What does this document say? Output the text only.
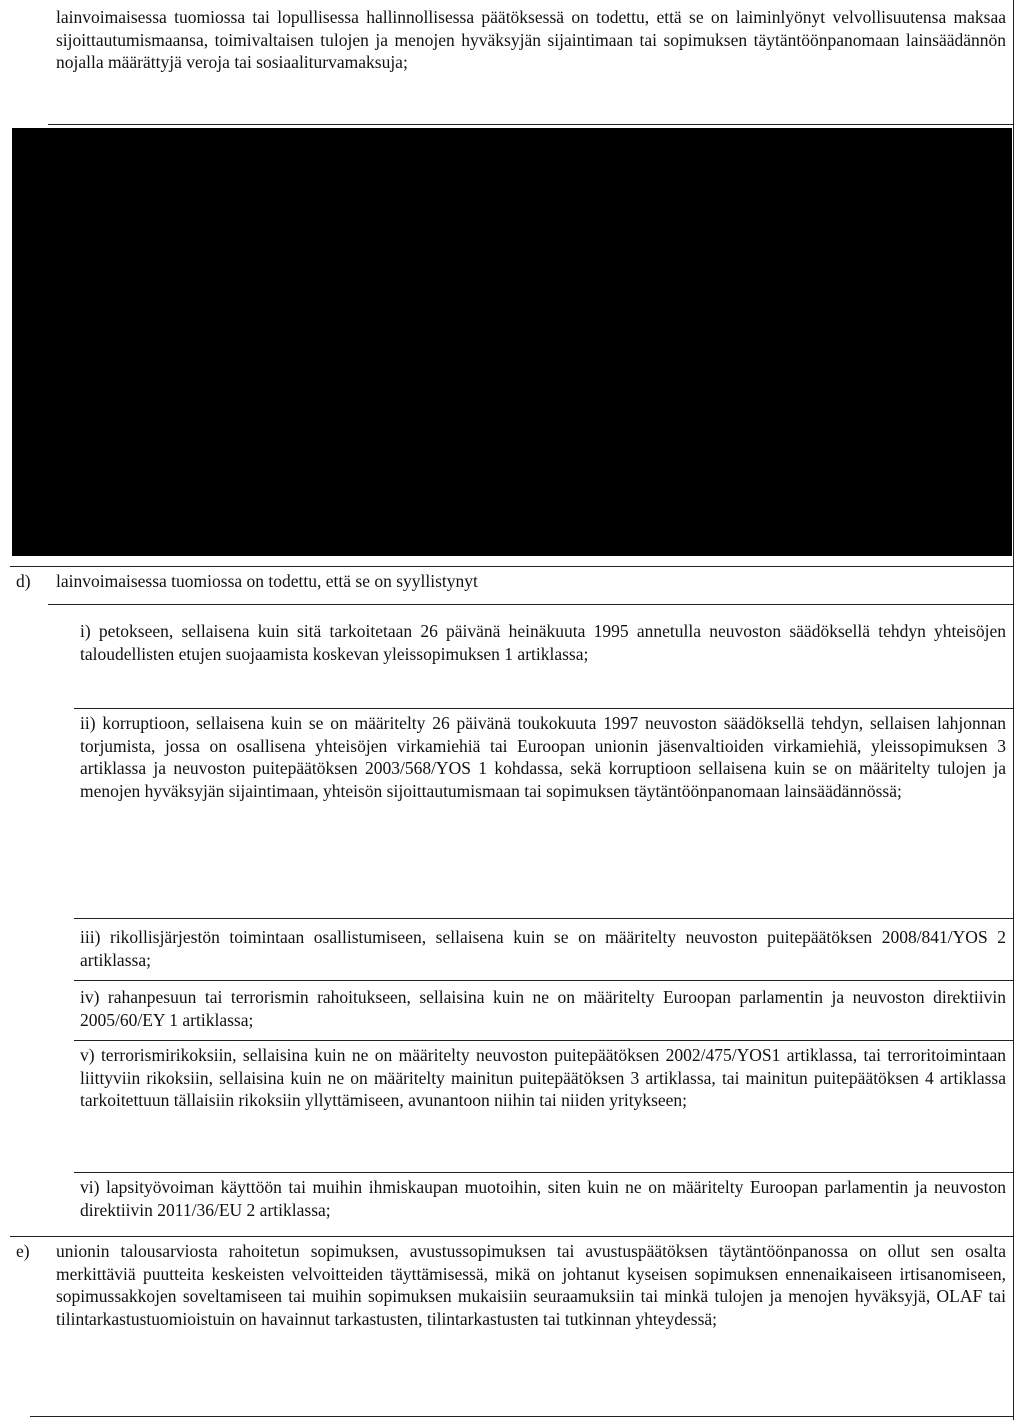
lainvoimaisessa tuomiossa tai lopullisessa hallinnollisessa päätöksessä on todettu, että se on laiminlyönyt velvollisuutensa maksaa sijoittautumismaansa, toimivaltaisen tulojen ja menojen hyväksyjän sijaintimaan tai sopimuksen täytäntöönpanomaan lainsäädännön nojalla määrättyjä veroja tai sosiaaliturvamaksuja;
d) lainvoimaisessa tuomiossa on todettu, että se on syyllistynyt
i) petokseen, sellaisena kuin sitä tarkoitetaan 26 päivänä heinäkuuta 1995 annetulla neuvoston säädöksellä tehdyn yhteisöjen taloudellisten etujen suojaamista koskevan yleissopimuksen 1 artiklassa;
ii) korruptioon, sellaisena kuin se on määritelty 26 päivänä toukokuuta 1997 neuvoston säädöksellä tehdyn, sellaisen lahjonnan torjumista, jossa on osallisena yhteisöjen virkamiehiä tai Euroopan unionin jäsenvaltioiden virkamiehiä, yleissopimuksen 3 artiklassa ja neuvoston puitepäätöksen 2003/568/YOS 1 kohdassa, sekä korruptioon sellaisena kuin se on määritelty tulojen ja menojen hyväksyjän sijaintimaan, yhteisön sijoittautumismaan tai sopimuksen täytäntöönpanomaan lainsäädännössä;
iii) rikollisjärjestön toimintaan osallistumiseen, sellaisena kuin se on määritelty neuvoston puitepäätöksen 2008/841/YOS 2 artiklassa;
iv) rahanpesuun tai terrorismin rahoitukseen, sellaisina kuin ne on määritelty Euroopan parlamentin ja neuvoston direktiivin 2005/60/EY 1 artiklassa;
v) terrorismirikoksiin, sellaisina kuin ne on määritelty neuvoston puitepäätöksen 2002/475/YOS1 artiklassa, tai terroritoimintaan liittyviin rikoksiin, sellaisina kuin ne on määritelty mainitun puitepäätöksen 3 artiklassa, tai mainitun puitepäätöksen 4 artiklassa tarkoitettuun tällaisiin rikoksiin yllyttämiseen, avunantoon niihin tai niiden yritykseen;
vi) lapsityövoiman käyttöön tai muihin ihmiskaupan muotoihin, siten kuin ne on määritelty Euroopan parlamentin ja neuvoston direktiivin 2011/36/EU 2 artiklassa;
e) unionin talousarviosta rahoitetun sopimuksen, avustussopimuksen tai avustuspäätöksen täytäntöönpanossa on ollut sen osalta merkittäviä puutteita keskeisten velvoitteiden täyttämisessä, mikä on johtanut kyseisen sopimuksen ennenaikaiseen irtisanomiseen, sopimussakkojen soveltamiseen tai muihin sopimuksen mukaisiin seuraamuksiin tai minkä tulojen ja menojen hyväksyjä, OLAF tai tilintarkastustuomioistuin on havainnut tarkastusten, tilintarkastusten tai tutkinnan yhteydessä;
